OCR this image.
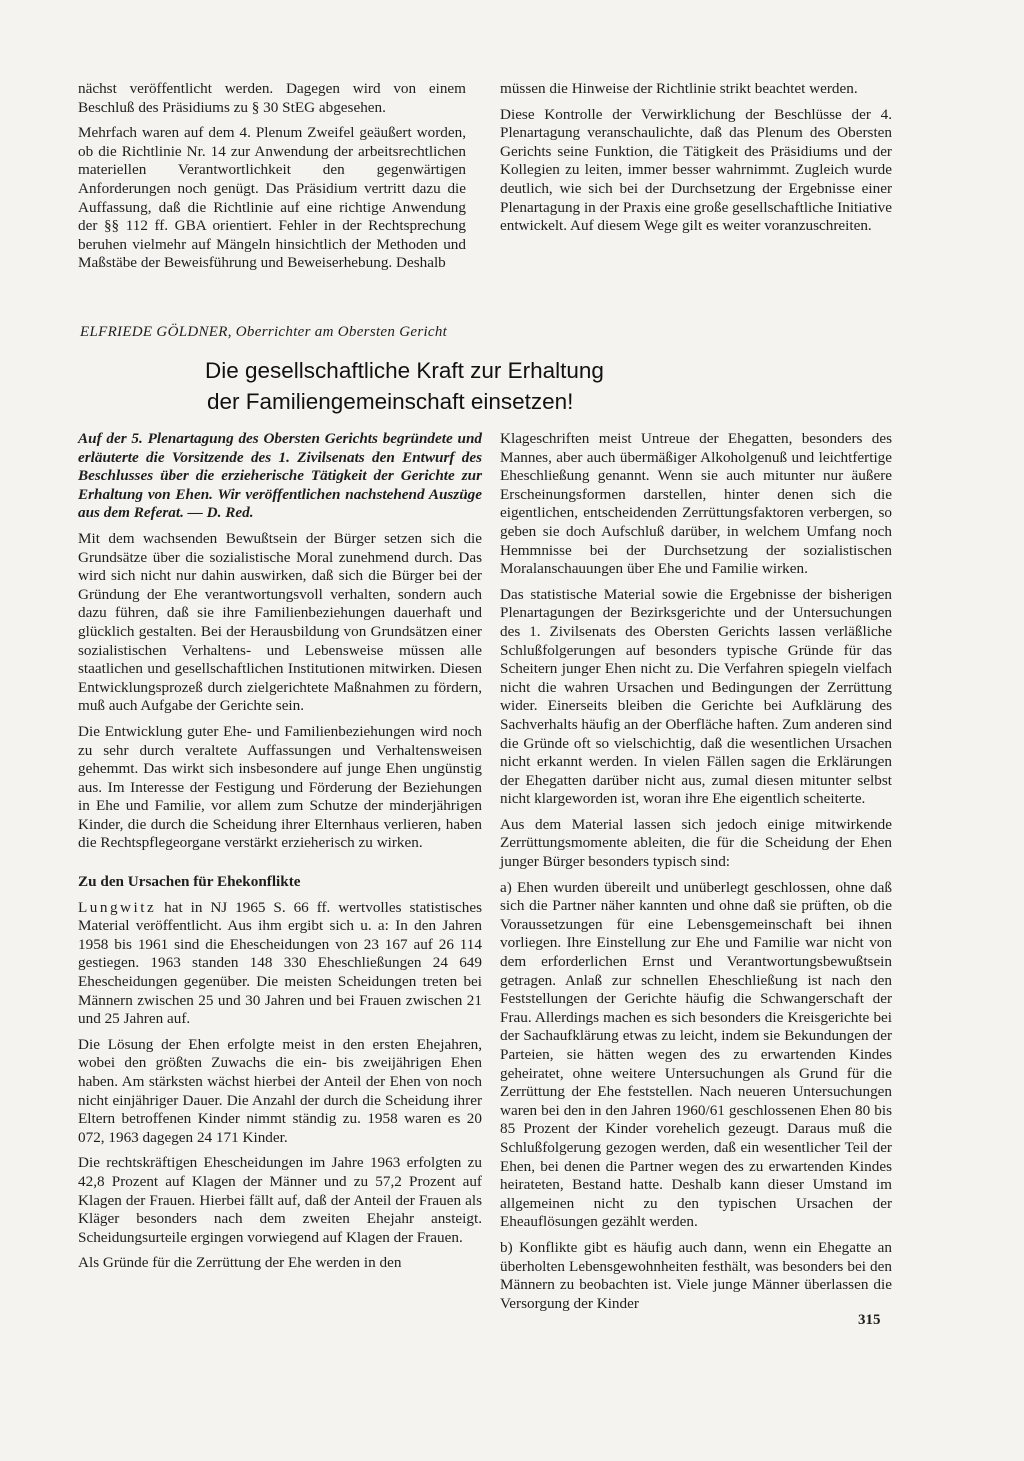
nächst veröffentlicht werden. Dagegen wird von einem Beschluß des Präsidiums zu § 30 StEG abgesehen.

Mehrfach waren auf dem 4. Plenum Zweifel geäußert worden, ob die Richtlinie Nr. 14 zur Anwendung der arbeitsrechtlichen materiellen Verantwortlichkeit den gegenwärtigen Anforderungen noch genügt. Das Präsidium vertritt dazu die Auffassung, daß die Richtlinie auf eine richtige Anwendung der §§ 112 ff. GBA orientiert. Fehler in der Rechtsprechung beruhen vielmehr auf Mängeln hinsichtlich der Methoden und Maßstäbe der Beweisführung und Beweiserhebung. Deshalb

müssen die Hinweise der Richtlinie strikt beachtet werden.

Diese Kontrolle der Verwirklichung der Beschlüsse der 4. Plenartagung veranschaulichte, daß das Plenum des Obersten Gerichts seine Funktion, die Tätigkeit des Präsidiums und der Kollegien zu leiten, immer besser wahrnimmt. Zugleich wurde deutlich, wie sich bei der Durchsetzung der Ergebnisse einer Plenartagung in der Praxis eine große gesellschaftliche Initiative entwickelt. Auf diesem Wege gilt es weiter voranzuschreiten.

ELFRIEDE GÖLDNER, Oberrichter am Obersten Gericht
Die gesellschaftliche Kraft zur Erhaltung
der Familiengemeinschaft einsetzen!

Auf der 5. Plenartagung des Obersten Gerichts begründete und erläuterte die Vorsitzende des 1. Zivilsenats den Entwurf des Beschlusses über die erzieherische Tätigkeit der Gerichte zur Erhaltung von Ehen. Wir veröffentlichen nachstehend Auszüge aus dem Referat. — D. Red.

Mit dem wachsenden Bewußtsein der Bürger setzen sich die Grundsätze über die sozialistische Moral zunehmend durch. Das wird sich nicht nur dahin auswirken, daß sich die Bürger bei der Gründung der Ehe verantwortungsvoll verhalten, sondern auch dazu führen, daß sie ihre Familienbeziehungen dauerhaft und glücklich gestalten. Bei der Herausbildung von Grundsätzen einer sozialistischen Verhaltens- und Lebensweise müssen alle staatlichen und gesellschaftlichen Institutionen mitwirken. Diesen Entwicklungsprozeß durch zielgerichtete Maßnahmen zu fördern, muß auch Aufgabe der Gerichte sein.

Die Entwicklung guter Ehe- und Familienbeziehungen wird noch zu sehr durch veraltete Auffassungen und Verhaltensweisen gehemmt. Das wirkt sich insbesondere auf junge Ehen ungünstig aus. Im Interesse der Festigung und Förderung der Beziehungen in Ehe und Familie, vor allem zum Schutze der minderjährigen Kinder, die durch die Scheidung ihrer Elternhaus verlieren, haben die Rechtspflegeorgane verstärkt erzieherisch zu wirken.

Zu den Ursachen für Ehekonflikte

Lungwitz hat in NJ 1965 S. 66 ff. wertvolles statistisches Material veröffentlicht. Aus ihm ergibt sich u. a: In den Jahren 1958 bis 1961 sind die Ehescheidungen von 23 167 auf 26 114 gestiegen. 1963 standen 148 330 Eheschließungen 24 649 Ehescheidungen gegenüber. Die meisten Scheidungen treten bei Männern zwischen 25 und 30 Jahren und bei Frauen zwischen 21 und 25 Jahren auf.

Die Lösung der Ehen erfolgte meist in den ersten Ehejahren, wobei den größten Zuwachs die ein- bis zweijährigen Ehen haben. Am stärksten wächst hierbei der Anteil der Ehen von noch nicht einjähriger Dauer. Die Anzahl der durch die Scheidung ihrer Eltern betroffenen Kinder nimmt ständig zu. 1958 waren es 20 072, 1963 dagegen 24 171 Kinder.

Die rechtskräftigen Ehescheidungen im Jahre 1963 erfolgten zu 42,8 Prozent auf Klagen der Männer und zu 57,2 Prozent auf Klagen der Frauen. Hierbei fällt auf, daß der Anteil der Frauen als Kläger besonders nach dem zweiten Ehejahr ansteigt. Scheidungsurteile ergingen vorwiegend auf Klagen der Frauen.

Als Gründe für die Zerrüttung der Ehe werden in den

Klageschriften meist Untreue der Ehegatten, besonders des Mannes, aber auch übermäßiger Alkoholgenuß und leichtfertige Eheschließung genannt. Wenn sie auch mitunter nur äußere Erscheinungsformen darstellen, hinter denen sich die eigentlichen, entscheidenden Zerrüttungsfaktoren verbergen, so geben sie doch Aufschluß darüber, in welchem Umfang noch Hemmnisse bei der Durchsetzung der sozialistischen Moralanschauungen über Ehe und Familie wirken.

Das statistische Material sowie die Ergebnisse der bisherigen Plenartagungen der Bezirksgerichte und der Untersuchungen des 1. Zivilsenats des Obersten Gerichts lassen verläßliche Schlußfolgerungen auf besonders typische Gründe für das Scheitern junger Ehen nicht zu. Die Verfahren spiegeln vielfach nicht die wahren Ursachen und Bedingungen der Zerrüttung wider. Einerseits bleiben die Gerichte bei Aufklärung des Sachverhalts häufig an der Oberfläche haften. Zum anderen sind die Gründe oft so vielschichtig, daß die wesentlichen Ursachen nicht erkannt werden. In vielen Fällen sagen die Erklärungen der Ehegatten darüber nicht aus, zumal diesen mitunter selbst nicht klargeworden ist, woran ihre Ehe eigentlich scheiterte.

Aus dem Material lassen sich jedoch einige mitwirkende Zerrüttungsmomente ableiten, die für die Scheidung der Ehen junger Bürger besonders typisch sind:

a) Ehen wurden übereilt und unüberlegt geschlossen, ohne daß sich die Partner näher kannten und ohne daß sie prüften, ob die Voraussetzungen für eine Lebensgemeinschaft bei ihnen vorliegen. Ihre Einstellung zur Ehe und Familie war nicht von dem erforderlichen Ernst und Verantwortungsbewußtsein getragen. Anlaß zur schnellen Eheschließung ist nach den Feststellungen der Gerichte häufig die Schwangerschaft der Frau. Allerdings machen es sich besonders die Kreisgerichte bei der Sachaufklärung etwas zu leicht, indem sie Bekundungen der Parteien, sie hätten wegen des zu erwartenden Kindes geheiratet, ohne weitere Untersuchungen als Grund für die Zerrüttung der Ehe feststellen. Nach neueren Untersuchungen waren bei den in den Jahren 1960/61 geschlossenen Ehen 80 bis 85 Prozent der Kinder vorehelich gezeugt. Daraus muß die Schlußfolgerung gezogen werden, daß ein wesentlicher Teil der Ehen, bei denen die Partner wegen des zu erwartenden Kindes heirateten, Bestand hatte. Deshalb kann dieser Umstand im allgemeinen nicht zu den typischen Ursachen der Eheauflösungen gezählt werden.

b) Konflikte gibt es häufig auch dann, wenn ein Ehegatte an überholten Lebensgewohnheiten festhält, was besonders bei den Männern zu beobachten ist. Viele junge Männer überlassen die Versorgung der Kinder

315
